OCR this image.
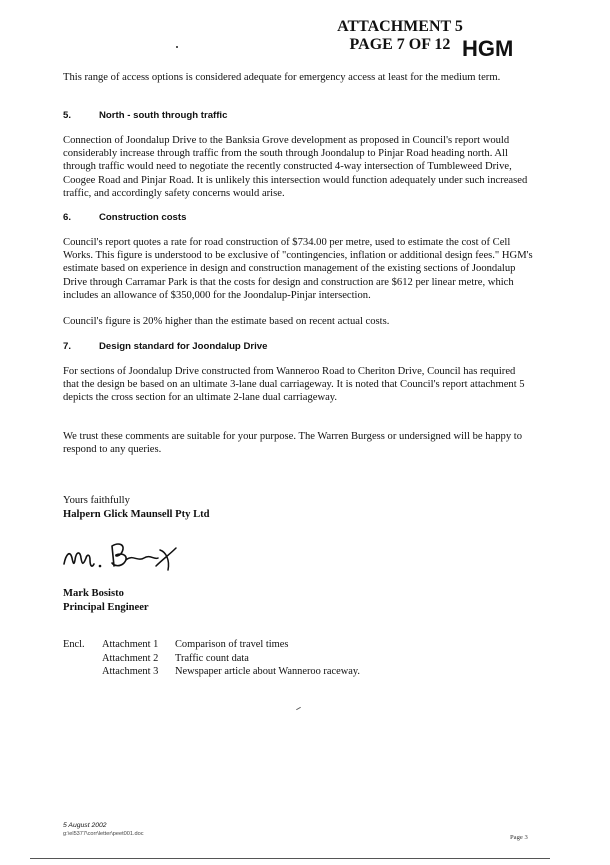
ATTACHMENT 5
PAGE 7 OF 12 HGM
This range of access options is considered adequate for emergency access at least for the medium term.
5.	North - south through traffic
Connection of Joondalup Drive to the Banksia Grove development as proposed in Council's report would considerably increase through traffic from the south through Joondalup to Pinjar Road heading north. All through traffic would need to negotiate the recently constructed 4-way intersection of Tumbleweed Drive, Coogee Road and Pinjar Road. It is unlikely this intersection would function adequately under such increased traffic, and accordingly safety concerns would arise.
6.	Construction costs
Council's report quotes a rate for road construction of $734.00 per metre, used to estimate the cost of Cell Works. This figure is understood to be exclusive of "contingencies, inflation or additional design fees." HGM's estimate based on experience in design and construction management of the existing sections of Joondalup Drive through Carramar Park is that the costs for design and construction are $612 per linear metre, which includes an allowance of $350,000 for the Joondalup-Pinjar intersection.
Council's figure is 20% higher than the estimate based on recent actual costs.
7.	Design standard for Joondalup Drive
For sections of Joondalup Drive constructed from Wanneroo Road to Cheriton Drive, Council has required that the design be based on an ultimate 3-lane dual carriageway. It is noted that Council's report attachment 5 depicts the cross section for an ultimate 2-lane dual carriageway.
We trust these comments are suitable for your purpose. The Warren Burgess or undersigned will be happy to respond to any queries.
Yours faithfully
Halpern Glick Maunsell Pty Ltd
Mark Bosisto
Principal Engineer
Encl.	Attachment 1	Comparison of travel times
	Attachment 2	Traffic count data
	Attachment 3	Newspaper article about Wanneroo raceway.
5 August 2002
g:\el5377\corr\letter\peet001.doc	Page 3
